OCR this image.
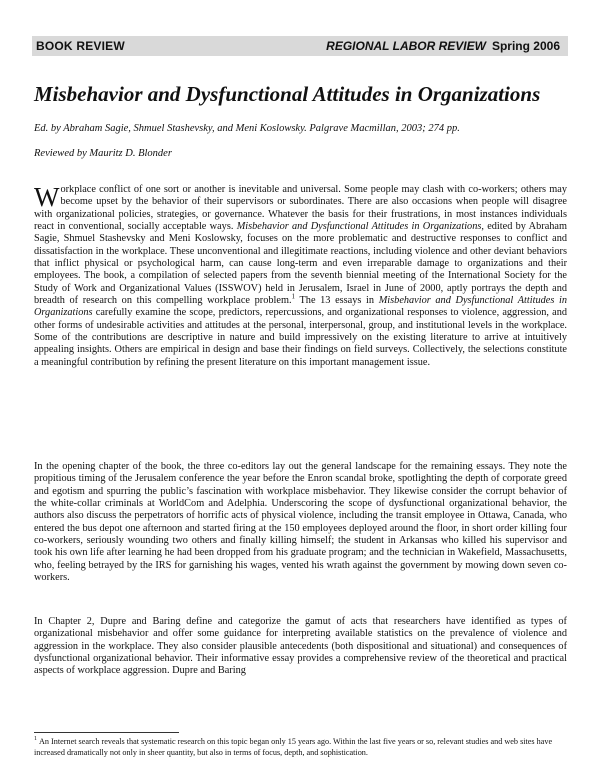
BOOK REVIEW	REGIONAL LABOR REVIEW Spring 2006
Misbehavior and Dysfunctional Attitudes in Organizations
Ed. by Abraham Sagie, Shmuel Stashevsky, and Meni Koslowsky. Palgrave Macmillan, 2003; 274 pp.
Reviewed by Mauritz D. Blonder
Workplace conflict of one sort or another is inevitable and universal. Some people may clash with co-workers; others may become upset by the behavior of their supervisors or subordinates. There are also occasions when people will disagree with organizational policies, strategies, or governance. Whatever the basis for their frustrations, in most instances individuals react in conventional, socially acceptable ways. Misbehavior and Dysfunctional Attitudes in Organizations, edited by Abraham Sagie, Shmuel Stashevsky and Meni Koslowsky, focuses on the more problematic and destructive responses to conflict and dissatisfaction in the workplace. These unconventional and illegitimate reactions, including violence and other deviant behaviors that inflict physical or psychological harm, can cause long-term and even irreparable damage to organizations and their employees. The book, a compilation of selected papers from the seventh biennial meeting of the International Society for the Study of Work and Organizational Values (ISSWOV) held in Jerusalem, Israel in June of 2000, aptly portrays the depth and breadth of research on this compelling workplace problem.$^1$ The 13 essays in Misbehavior and Dysfunctional Attitudes in Organizations carefully examine the scope, predictors, repercussions, and organizational responses to violence, aggression, and other forms of undesirable activities and attitudes at the personal, interpersonal, group, and institutional levels in the workplace. Some of the contributions are descriptive in nature and build impressively on the existing literature to arrive at intuitively appealing insights. Others are empirical in design and base their findings on field surveys. Collectively, the selections constitute a meaningful contribution by refining the present literature on this important management issue.
In the opening chapter of the book, the three co-editors lay out the general landscape for the remaining essays. They note the propitious timing of the Jerusalem conference the year before the Enron scandal broke, spotlighting the depth of corporate greed and egotism and spurring the public’s fascination with workplace misbehavior. They likewise consider the corrupt behavior of the white-collar criminals at WorldCom and Adelphia. Underscoring the scope of dysfunctional organizational behavior, the authors also discuss the perpetrators of horrific acts of physical violence, including the transit employee in Ottawa, Canada, who entered the bus depot one afternoon and started firing at the 150 employees deployed around the floor, in short order killing four co-workers, seriously wounding two others and finally killing himself; the student in Arkansas who killed his supervisor and took his own life after learning he had been dropped from his graduate program; and the technician in Wakefield, Massachusetts, who, feeling betrayed by the IRS for garnishing his wages, vented his wrath against the government by mowing down seven co-workers.
In Chapter 2, Dupre and Baring define and categorize the gamut of acts that researchers have identified as types of organizational misbehavior and offer some guidance for interpreting available statistics on the prevalence of violence and aggression in the workplace. They also consider plausible antecedents (both dispositional and situational) and consequences of dysfunctional organizational behavior. Their informative essay provides a comprehensive review of the theoretical and practical aspects of workplace aggression. Dupre and Baring
$^1$ An Internet search reveals that systematic research on this topic began only 15 years ago. Within the last five years or so, relevant studies and web sites have increased dramatically not only in sheer quantity, but also in terms of focus, depth, and sophistication.
